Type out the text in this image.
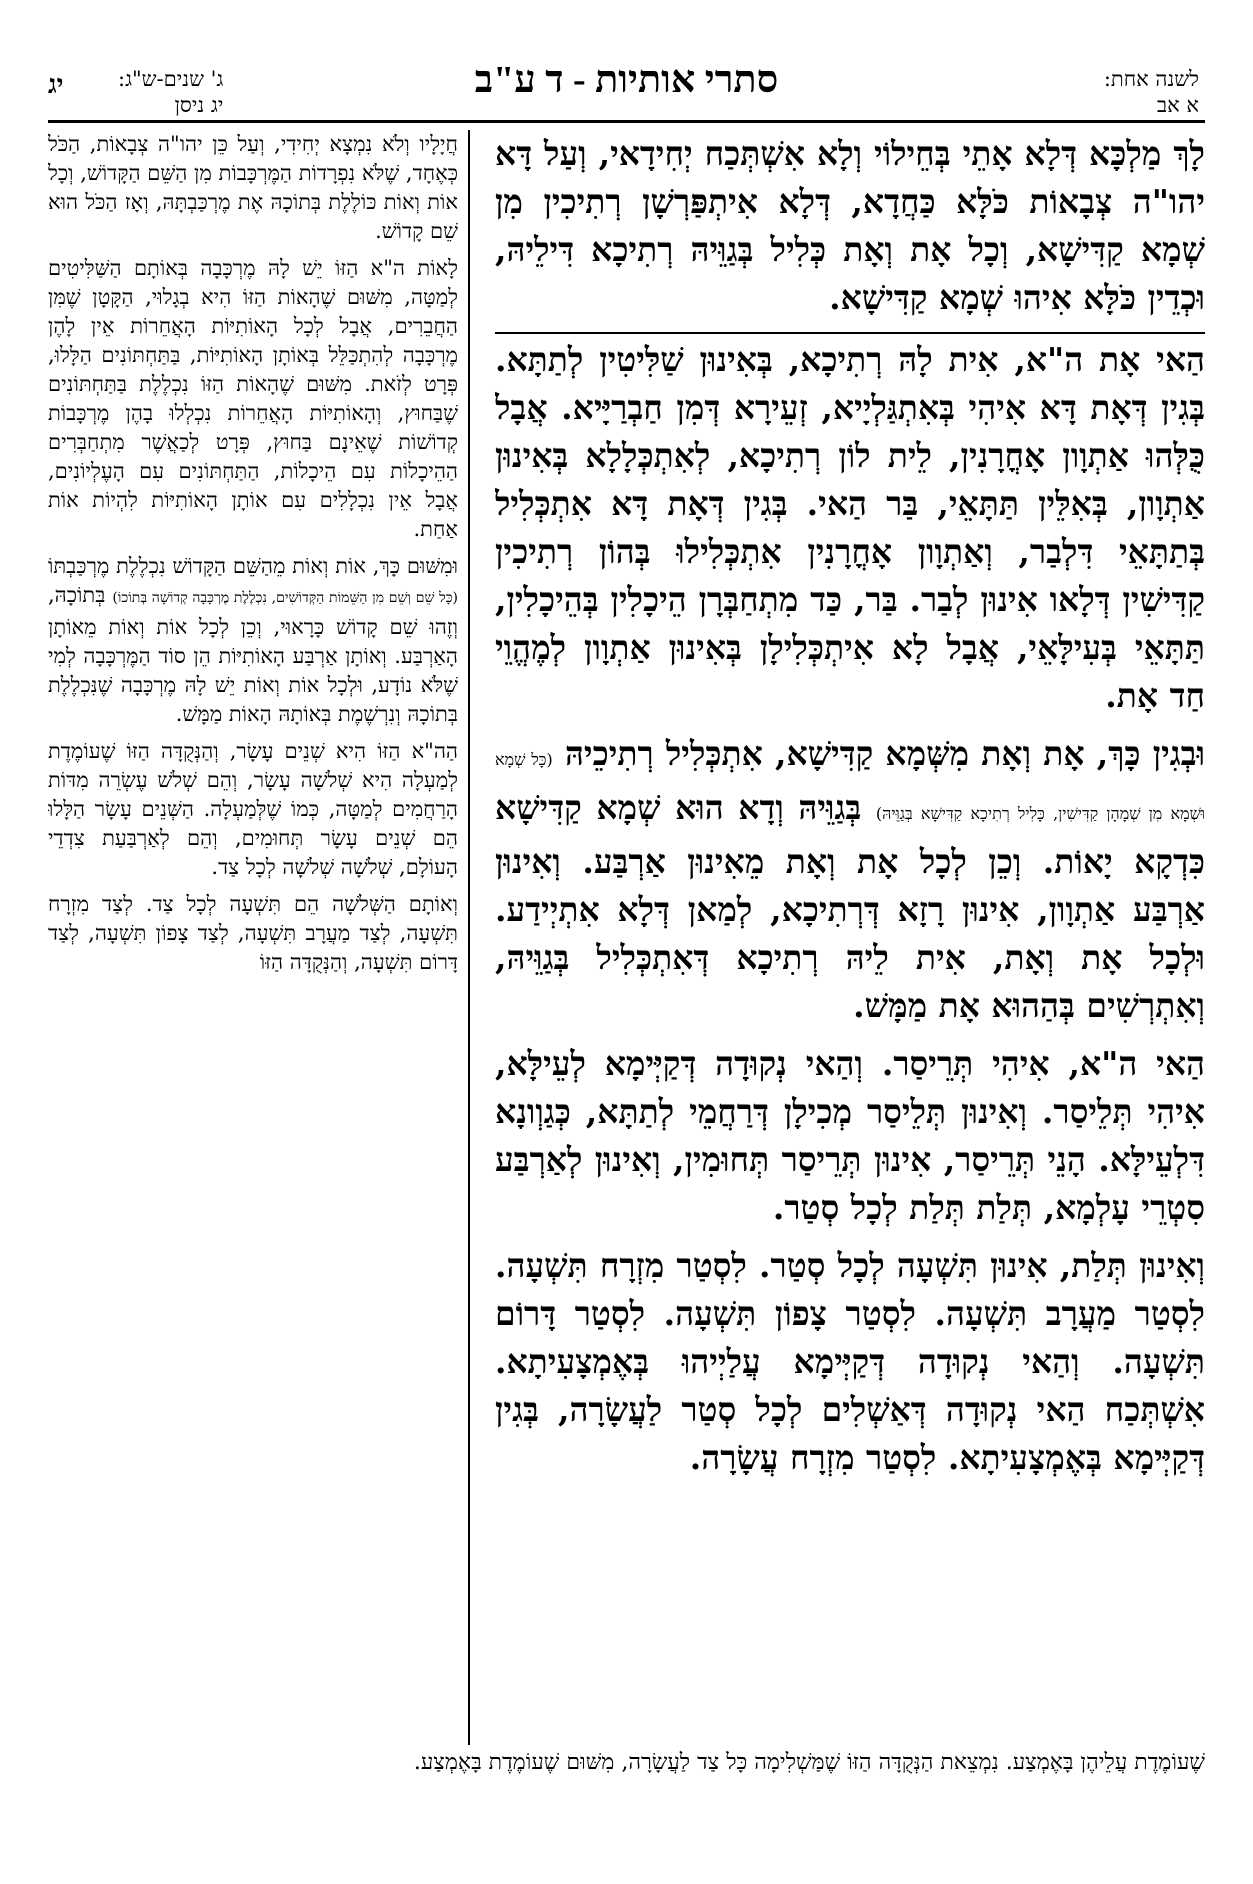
לשנה אחת:
א אב
סתרי אותיות - ד ע"ב
ג' שנים-ש"ג:
יג ניסן
יג

לָךְ מַלְכָּא דְּלָא אָתֵי בְּחֵילוֹי וְלָא אִשְׁתְּכַח יְחִידָאי, וְעַל דָּא יהו"ה צְבָאוֹת כֹּלָּא כַּחֲדָא, דְּלָא אִיתְפַּרְשָׁן רְתִיכִין מִן שְׁמָא קַדִּישָׁא, וְכָל אָת וְאָת כְּלִיל בְּגַוֵּיהּ רְתִיכָא דִּילֵיהּ, וּכְדֵין כֹּלָּא אִיהוּ שְׁמָא קַדִּישָׁא.

הַאי אָת ה"א, אִית לָהּ רְתִיכָא, בְּאִינוּן שַׁלִּיטִין לְתַתָּא. בְּגִין דְּאָת דָּא אִיהִי בְּאִתְגַּלְיָיא, זְעֵירָא דְּמִן חַבְרַיָּיא. אֲבָל כֻּלְּהוּ אַתְוָון אָחֳרָנִין, לֵית לוֹן רְתִיכָא, לְאִתְכְּלָלָא בְּאִינוּן אַתְוָון, בְּאִלֵּין תַּתָּאֵי, בַּר הַאי. בְּגִין דְּאָת דָּא אִתְכְּלִיל בְּתַתָּאֵי דִּלְבַר, וְאַתְוָון אָחֳרָנִין אִתְכְּלִילוּ בְּהוֹן רְתִיכִין קַדִּישִׁין דְּלָאו אִינוּן לְבַר. בַּר, כַּד מִתְחַבְּרָן הֵיכָלִין בְּהֵיכָלִין, תַּתָּאֵי בְּעִילָּאֵי, אֲבָל לָא אִיתְכְּלִילָן בְּאִינוּן אַתְוָון לְמֶהֱוֵי חַד אָת.

וּבְגִין כָּךְ, אָת וְאָת מִשְּׁמָא קַדִּישָׁא, אִתְכְּלִיל רְתִיכֵיהּ (כָּל שְׁמָא וּשְׁמָא מִן שְׁמָהָן קַדִּישִׁין, כָּלִיל רְתִיכָא קַדִּישָׁא בְּגַוֵּיהּ) בְּגַוֵּיהּ וְדָא הוּא שְׁמָא קַדִּישָׁא כִּדְקָא יָאוֹת. וְכֵן לְכָל אָת וְאָת מֵאִינוּן אַרְבַּע. וְאִינוּן אַרְבַּע אַתְוָון, אִינוּן רָזָא דְּרְתִיכָא, לְמַאן דְּלָא אִתְיְידַע. וּלְכָל אָת וְאָת, אִית לֵיהּ רְתִיכָא דְּאִתְכְּלִיל בְּגַוֵּיהּ, וְאִתְרְשִׁים בְּהַהוּא אָת מַמָּשׁ.

הַאי ה"א, אִיהִי תְּרֵיסַר. וְהַאי נְקוּדָה דְּקַיְּימָא לְעֵילָּא, אִיהִי תְּלֵיסַר. וְאִינוּן תְּלֵיסַר מְכִילָן דְּרַחֲמֵי לְתַתָּא, כְּגַוְונָא דִּלְעֵילָּא. הָנֵי תְּרֵיסַר, אִינוּן תְּרֵיסַר תְּחוּמִין, וְאִינוּן לְאַרְבַּע סִטְרֵי עָלְמָא, תְּלַת תְּלַת לְכָל סְטַר.

וְאִינוּן תְּלַת, אִינוּן תִּשְׁעָה לְכָל סְטַר. לִסְטַר מִזְרָח תִּשְׁעָה. לִסְטַר מַעֲרָב תִּשְׁעָה. לִסְטַר צָפוֹן תִּשְׁעָה. לִסְטַר דָּרוֹם תִּשְׁעָה. וְהַאי נְקוּדָה דְּקַיְּימָא עֲלַיְיהוּ בְּאֶמְצָעִיתָא. אִשְׁתְּכַח הַאי נְקוּדָה דְּאַשְׁלִים לְכָל סְטַר לַעֲשָׂרָה, בְּגִין דְּקַיְּימָא בְּאֶמְצָעִיתָא. לִסְטַר מִזְרָח עֲשָׂרָה.

חֲיָלָיו וְלֹא נִמְצָא יְחִידִי, וְעַל כֵּן יהו"ה צְבָאוֹת, הַכֹּל כְּאֶחָד, שֶׁלֹּא נִפְרָדוֹת הַמֶּרְכָּבוֹת מִן הַשֵּׁם הַקָּדוֹשׁ, וְכָל אוֹת וְאוֹת כּוֹלֶלֶת בְּתוֹכָהּ אֶת מֶרְכַּבְתָּהּ, וְאָז הַכֹּל הוּא שֵׁם קָדוֹשׁ.

לָאוֹת ה"א הַזּוֹ יֵשׁ לָהּ מֶרְכָּבָה בְּאוֹתָם הַשַּׁלִּיטִים לְמַטָּה, מִשּׁוּם שֶׁהָאוֹת הַזּוֹ הִיא בְגָלוּי, הַקָּטָן שֶׁמִּן הַחֲבֵרִים, אֲבָל לְכָל הָאוֹתִיּוֹת הָאֲחֵרוֹת אֵין לָהֶן מֶרְכָּבָה לְהִתְכַּלֵּל בְּאוֹתָן הָאוֹתִיּוֹת, בַּתַּחְתּוֹנִים הַלָּלוּ, פְּרָט לְזֹאת. מִשּׁוּם שֶׁהָאוֹת הַזּוֹ נִכְלֶלֶת בַּתַּחְתּוֹנִים שֶׁבַּחוּץ, וְהָאוֹתִיּוֹת הָאֲחֵרוֹת נִכְלְלוּ בָהֶן מֶרְכָּבוֹת קְדוֹשׁוֹת שֶׁאֵינָם בַּחוּץ, פְּרָט לְכַאֲשֶׁר מִתְחַבְּרִים הַהֵיכָלוֹת עִם הֵיכָלוֹת, הַתַּחְתּוֹנִים עִם הָעֶלְיוֹנִים, אֲבָל אֵין נִכְלָלִים עִם אוֹתָן הָאוֹתִיּוֹת לִהְיוֹת אוֹת אַחַת.

וּמִשּׁוּם כָּךְ, אוֹת וְאוֹת מֵהַשֵּׁם הַקָּדוֹשׁ נִכְלֶלֶת מֶרְכַּבְתּוֹ (כָּל שֵׁם וְשֵׁם מִן הַשֵּׁמוֹת הַקְּדוֹשִׁים, נִכְלֶלֶת מֶרְכָּבָה קְדוֹשָׁה בְּתוֹכוֹ) בְּתוֹכָהּ, וְזֶהוּ שֵׁם קָדוֹשׁ כָּרָאוּי, וְכֵן לְכָל אוֹת וְאוֹת מֵאוֹתָן הָאַרְבַּע. וְאוֹתָן אַרְבַּע הָאוֹתִיּוֹת הֵן סוֹד הַמֶּרְכָּבָה לְמִי שֶׁלֹּא נוֹדָע, וּלְכָל אוֹת וְאוֹת יֵשׁ לָהּ מֶרְכָּבָה שֶׁנִּכְלֶלֶת בְּתוֹכָהּ וְנִרְשֶׁמֶת בְּאוֹתָהּ הָאוֹת מַמָּשׁ.

הַה"א הַזּוֹ הִיא שְׁנֵים עָשָׂר, וְהַנְּקֻדָּה הַזּוֹ שֶׁעוֹמֶדֶת לְמַעְלָה הִיא שְׁלֹשָׁה עָשָׂר, וְהֵם שְׁלֹשׁ עֶשְׂרֵה מִדּוֹת הָרַחֲמִים לְמַטָּה, כְּמוֹ שֶׁלְּמַעְלָה. הַשְּׁנֵים עָשָׂר הַלָּלוּ הֵם שְׁנֵים עָשָׂר תְּחוּמִים, וְהֵם לְאַרְבַּעַת צִדְדֵי הָעוֹלָם, שְׁלֹשָׁה שְׁלֹשָׁה לְכָל צַד.

וְאוֹתָם הַשְּׁלֹשָׁה הֵם תִּשְׁעָה לְכָל צַד. לְצַד מִזְרָח תִּשְׁעָה, לְצַד מַעֲרָב תִּשְׁעָה, לְצַד צָפוֹן תִּשְׁעָה, לְצַד דָּרוֹם תִּשְׁעָה, וְהַנְּקֻדָּה הַזּוֹ

שֶׁעוֹמֶדֶת עֲלֵיהֶן בָּאֶמְצַע. נִמְצֵאת הַנְּקֻדָּה הַזּוֹ שֶׁמַּשְׁלִימָה כָּל צַד לַעֲשָׂרָה, מִשּׁוּם שֶׁעוֹמֶדֶת בָּאֶמְצַע.
